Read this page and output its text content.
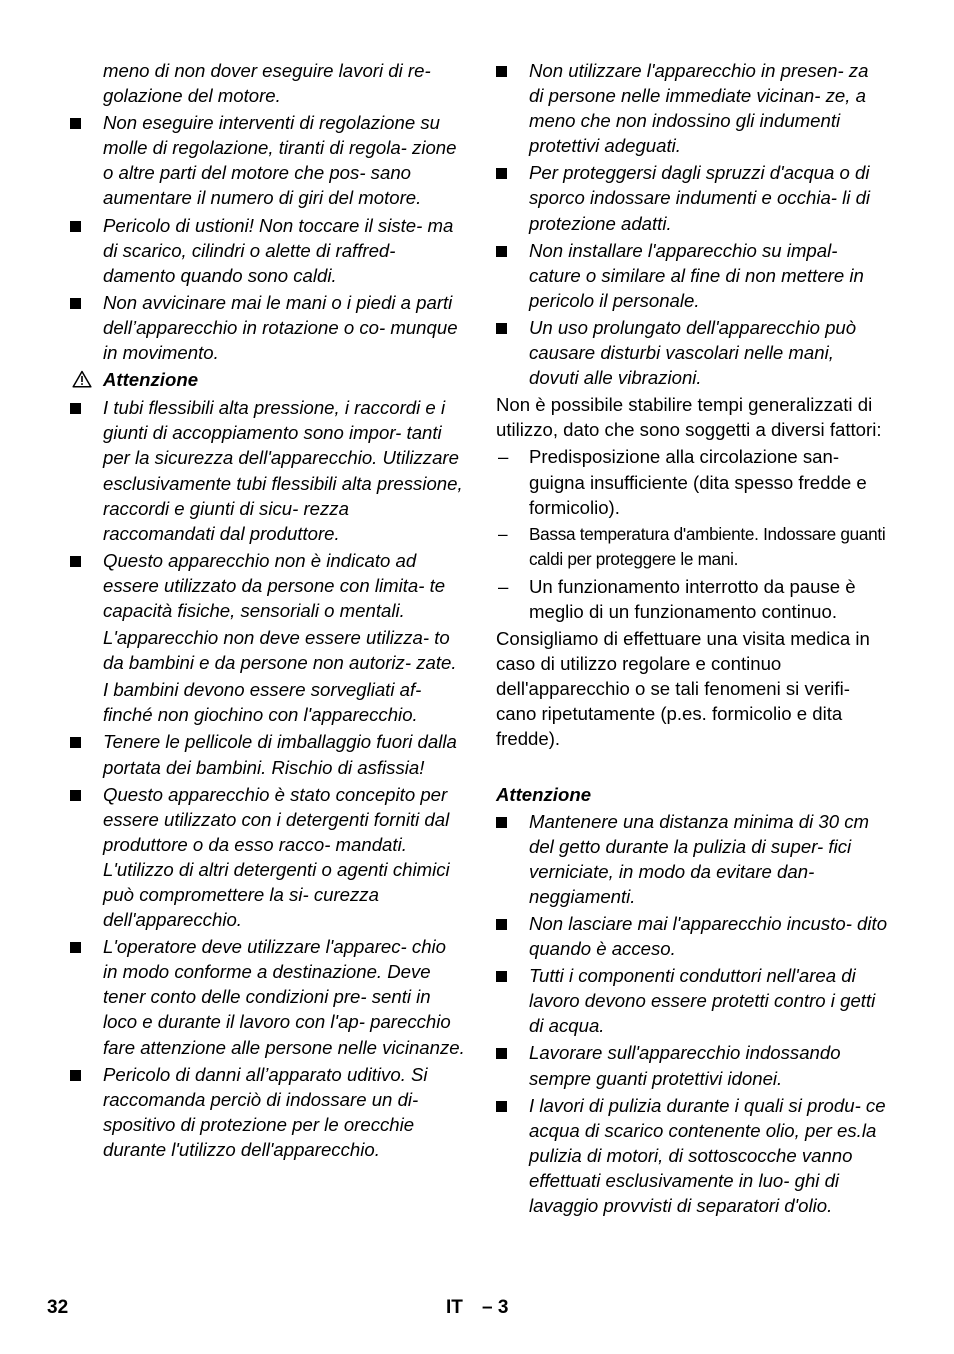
meno di non dover eseguire lavori di re- golazione del motore.
Non eseguire interventi di regolazione su molle di regolazione, tiranti di regola- zione o altre parti del motore che pos- sano aumentare il numero di giri del motore.
Pericolo di ustioni! Non toccare il siste- ma di scarico, cilindri o alette di raffred- damento quando sono caldi.
Non avvicinare mai le mani o i piedi a parti dell’apparecchio in rotazione o co- munque in movimento.
Attenzione
I tubi flessibili alta pressione, i raccordi e i giunti di accoppiamento sono impor- tanti per la sicurezza dell'apparecchio. Utilizzare esclusivamente tubi flessibili alta pressione, raccordi e giunti di sicu- rezza raccomandati dal produttore.
Questo apparecchio non è indicato ad essere utilizzato da persone con limita- te capacità fisiche, sensoriali o mentali.
L'apparecchio non deve essere utilizza- to da bambini e da persone non autoriz- zate.
I bambini devono essere sorvegliati af- finché non giochino con l'apparecchio.
Tenere le pellicole di imballaggio fuori dalla portata dei bambini. Rischio di asfissia!
Questo apparecchio è stato concepito per essere utilizzato con i detergenti forniti dal produttore o da esso racco- mandati. L'utilizzo di altri detergenti o agenti chimici può compromettere la si- curezza dell'apparecchio.
L'operatore deve utilizzare l'apparec- chio in modo conforme a destinazione. Deve tener conto delle condizioni pre- senti in loco e durante il lavoro con l'ap- parecchio fare attenzione alle persone nelle vicinanze.
Pericolo di danni all’apparato uditivo. Si raccomanda perciò di indossare un di- spositivo di protezione per le orecchie durante l'utilizzo dell'apparecchio.
Non utilizzare l'apparecchio in presen- za di persone nelle immediate vicinan- ze, a meno che non indossino gli indumenti protettivi adeguati.
Per proteggersi dagli spruzzi d'acqua o di sporco indossare indumenti e occhia- li di protezione adatti.
Non installare l'apparecchio su impal- cature o similare al fine di non mettere in pericolo il personale.
Un uso prolungato dell'apparecchio può causare disturbi vascolari nelle mani, dovuti alle vibrazioni.
Non è possibile stabilire tempi generalizzati di utilizzo, dato che sono soggetti a diversi fattori:
– Predisposizione alla circolazione san- guigna insufficiente (dita spesso fredde e formicolio).
– Bassa temperatura d'ambiente. Indossare guanti caldi per proteggere le mani.
– Un funzionamento interrotto da pause è meglio di un funzionamento continuo.
Consigliamo di effettuare una visita medica in caso di utilizzo regolare e continuo dell'apparecchio o se tali fenomeni si verifi- cano ripetutamente (p.es. formicolio e dita fredde).
Attenzione
Mantenere una distanza minima di 30 cm del getto durante la pulizia di super- fici verniciate, in modo da evitare dan- neggiamenti.
Non lasciare mai l'apparecchio incusto- dito quando è acceso.
Tutti i componenti conduttori nell'area di lavoro devono essere protetti contro i getti di acqua.
Lavorare sull'apparecchio indossando sempre guanti protettivi idonei.
I lavori di pulizia durante i quali si produ- ce acqua di scarico contenente olio, per es.la pulizia di motori, di sottoscocche vanno effettuati esclusivamente in luo- ghi di lavaggio provvisti di separatori d'olio.
32	IT – 3
